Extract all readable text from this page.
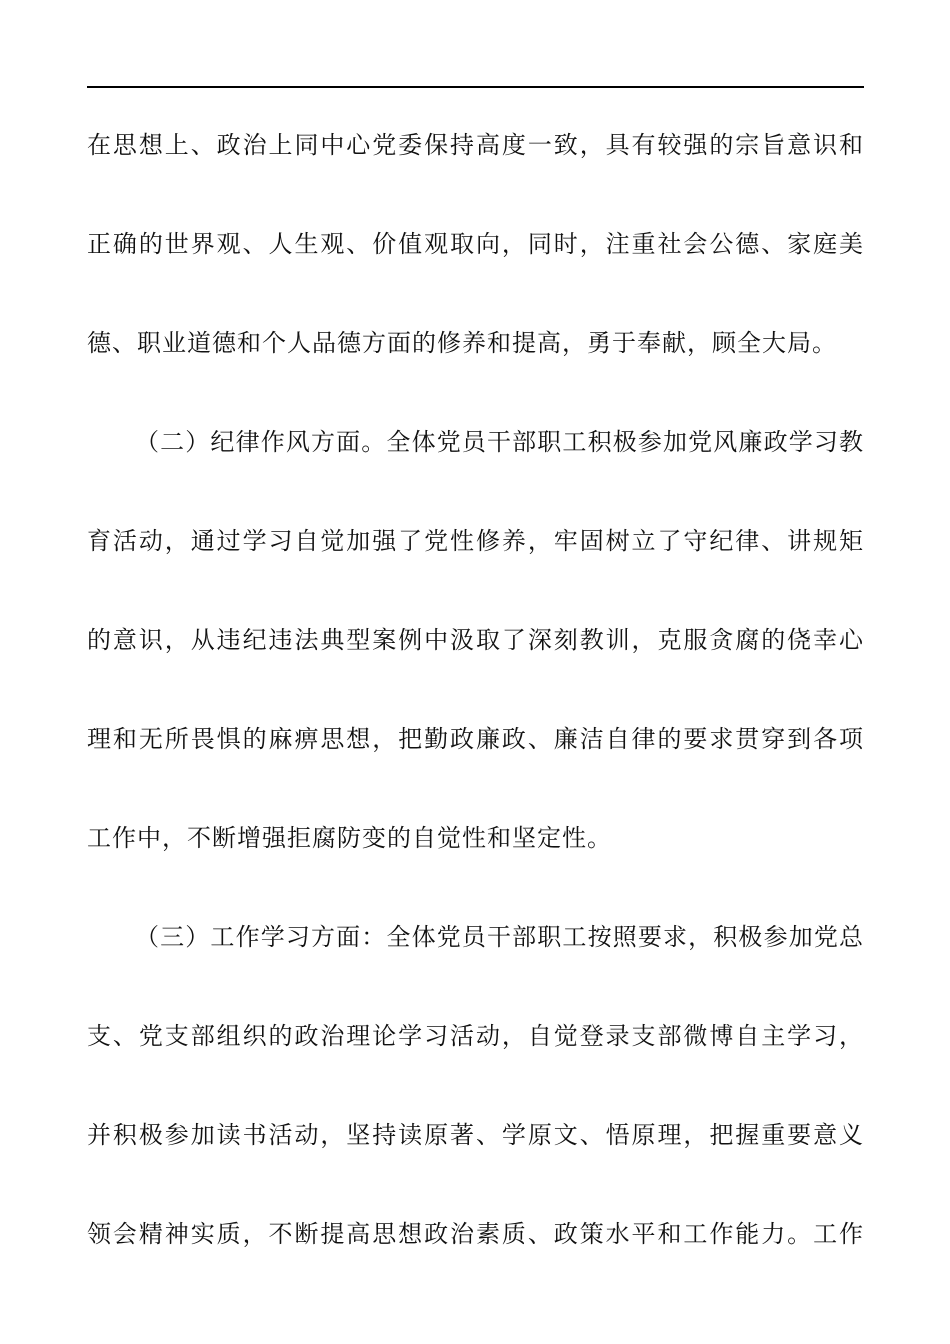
在思想上、政治上同中心党委保持高度一致，具有较强的宗旨意识和
正确的世界观、人生观、价值观取向，同时，注重社会公德、家庭美
德、职业道德和个人品德方面的修养和提高，勇于奉献，顾全大局。
（二）纪律作风方面。全体党员干部职工积极参加党风廉政学习教
育活动，通过学习自觉加强了党性修养，牢固树立了守纪律、讲规矩
的意识，从违纪违法典型案例中汲取了深刻教训，克服贪腐的侥幸心
理和无所畏惧的麻痹思想，把勤政廉政、廉洁自律的要求贯穿到各项
工作中，不断增强拒腐防变的自觉性和坚定性。
（三）工作学习方面：全体党员干部职工按照要求，积极参加党总
支、党支部组织的政治理论学习活动，自觉登录支部微博自主学习，
并积极参加读书活动，坚持读原著、学原文、悟原理，把握重要意义
领会精神实质，不断提高思想政治素质、政策水平和工作能力。工作
